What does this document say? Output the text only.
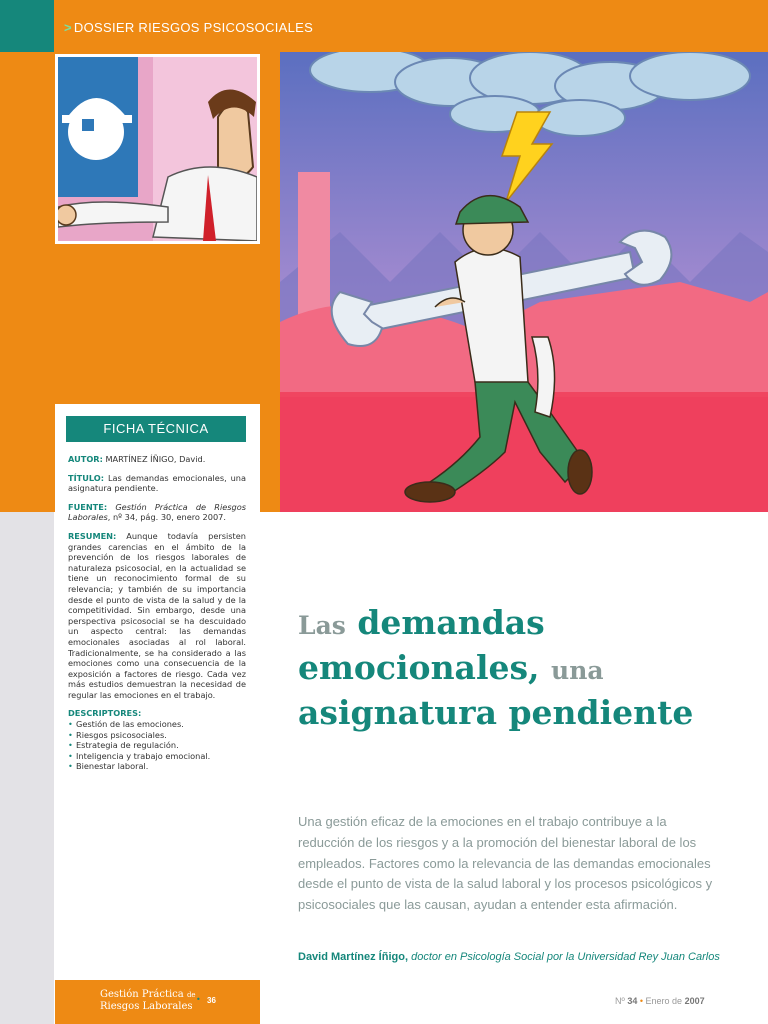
> DOSSIER RIESGOS PSICOSOCIALES
FICHA TÉCNICA

AUTOR: MARTÍNEZ ÍÑIGO, David.

TÍTULO: Las demandas emocionales, una asignatura pendiente.

FUENTE: Gestión Práctica de Riesgos Laborales, nº 34, pág. 30, enero 2007.

RESUMEN: Aunque todavía persisten grandes carencias en el ámbito de la prevención de los riesgos laborales de naturaleza psicosocial, en la actualidad se tiene un reconocimiento formal de su relevancia; y también de su importancia desde el punto de vista de la salud y de la competitividad. Sin embargo, desde una perspectiva psicosocial se ha descuidado un aspecto central: las demandas emocionales asociadas al rol laboral. Tradicionalmente, se ha considerado a las emociones como una consecuencia de la exposición a factores de riesgo. Cada vez más estudios demuestran la necesidad de regular las emociones en el trabajo.

DESCRIPTORES:
• Gestión de las emociones.
• Riesgos psicosociales.
• Estrategia de regulación.
• Inteligencia y trabajo emocional.
• Bienestar laboral.
Gestión Práctica de
Riesgos Laborales
• 36
Las demandas
emocionales, una
asignatura pendiente

Una gestión eficaz de la emociones en el trabajo contribuye a la reducción de los riesgos y a la promoción del bienestar laboral de los empleados. Factores como la relevancia de las demandas emocionales desde el punto de vista de la salud laboral y los procesos psicológicos y psicosociales que las causan, ayudan a entender esta afirmación.

David Martínez Íñigo, doctor en Psicología Social por la Universidad Rey Juan Carlos
Nº 34 • Enero de 2007
